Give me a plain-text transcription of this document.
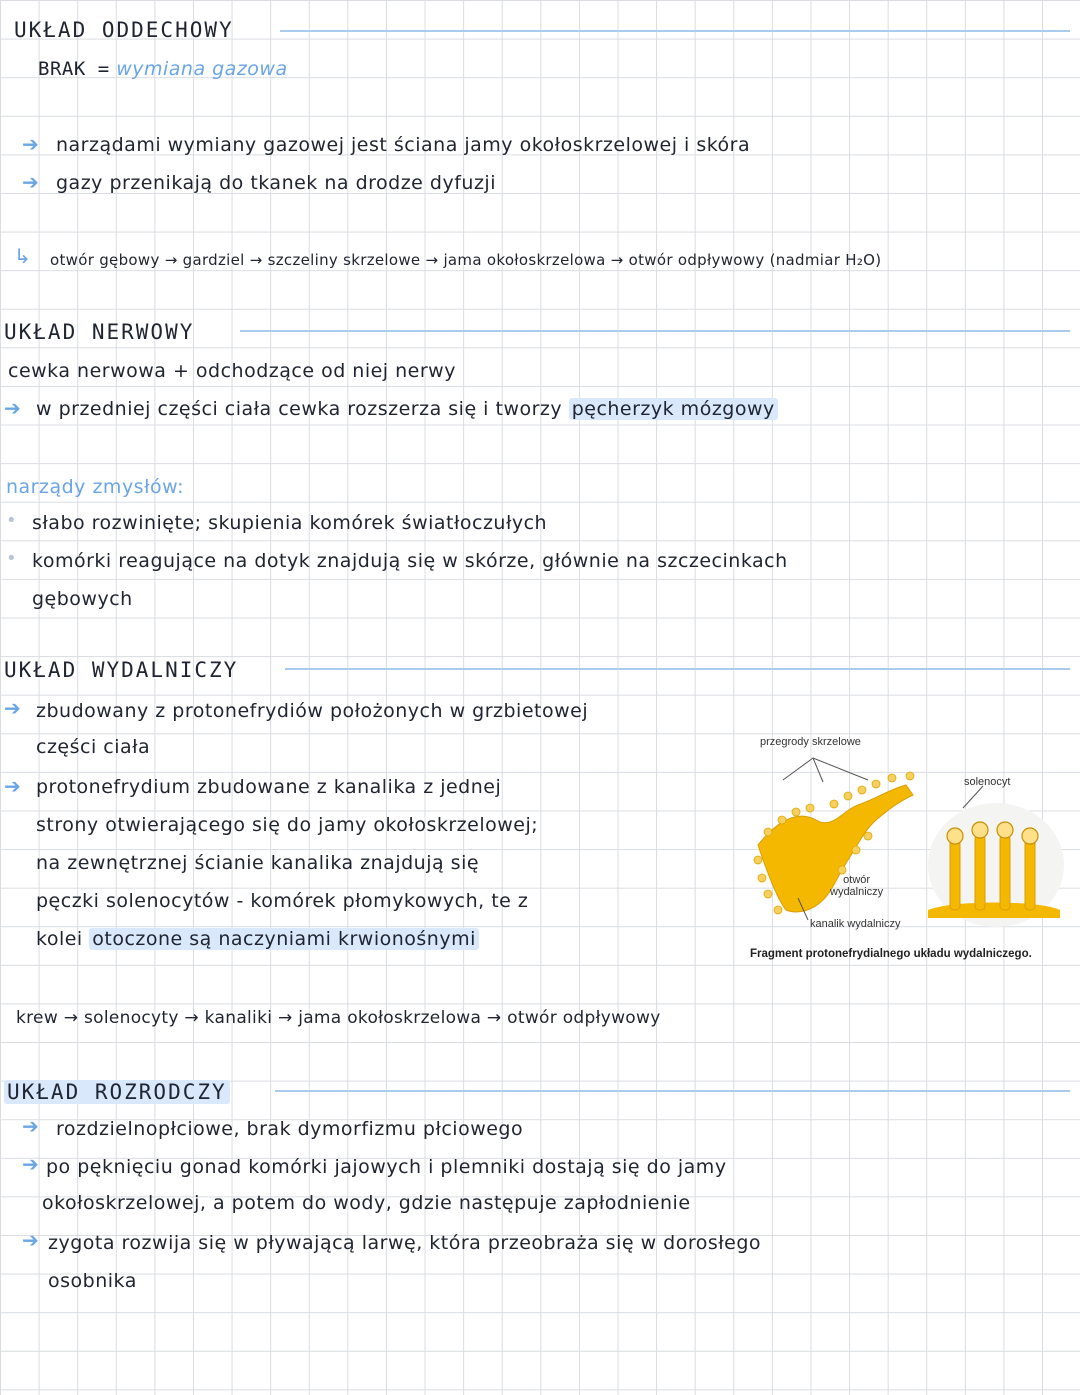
UKŁAD ODDECHOWY
BRAK = wymiana gazowa
➔ narządami wymiany gazowej jest ściana jamy okołoskrzelowej i skóra
➔ gazy przenikają do tkanek na drodze dyfuzji
↳ otwór gębowy → gardziel → szczeliny skrzelowe → jama okołoskrzelowa → otwór odpływowy (nadmiar H₂O)
UKŁAD NERWOWY
cewka nerwowa + odchodzące od niej nerwy
➔ w przedniej części ciała cewka rozszerza się i tworzy pęcherzyk mózgowy
narządy zmysłów:
• słabo rozwinięte; skupienia komórek światłoczułych
• komórki reagujące na dotyk znajdują się w skórze, głównie na szczecinkach
gębowych
UKŁAD WYDALNICZY
➔ zbudowany z protonefrydiów położonych w grzbietowej
części ciała
➔ protonefrydium zbudowane z kanalika z jednej
strony otwierającego się do jamy okołoskrzelowej;
na zewnętrznej ścianie kanalika znajdują się
pęczki solenocytów - komórek płomykowych, te z
kolei otoczone są naczyniami krwionośnymi
przegrody skrzelowe
solenocyt
otwór
wydalniczy
kanalik wydalniczy
Fragment protonefrydialnego układu wydalniczego.
krew → solenocyty → kanaliki → jama okołoskrzelowa → otwór odpływowy
UKŁAD ROZRODCZY
➔ rozdzielnopłciowe, brak dymorfizmu płciowego
➔ po pęknięciu gonad komórki jajowych i plemniki dostają się do jamy
okołoskrzelowej, a potem do wody, gdzie następuje zapłodnienie
➔ zygota rozwija się w pływającą larwę, która przeobraża się w dorosłego
osobnika
